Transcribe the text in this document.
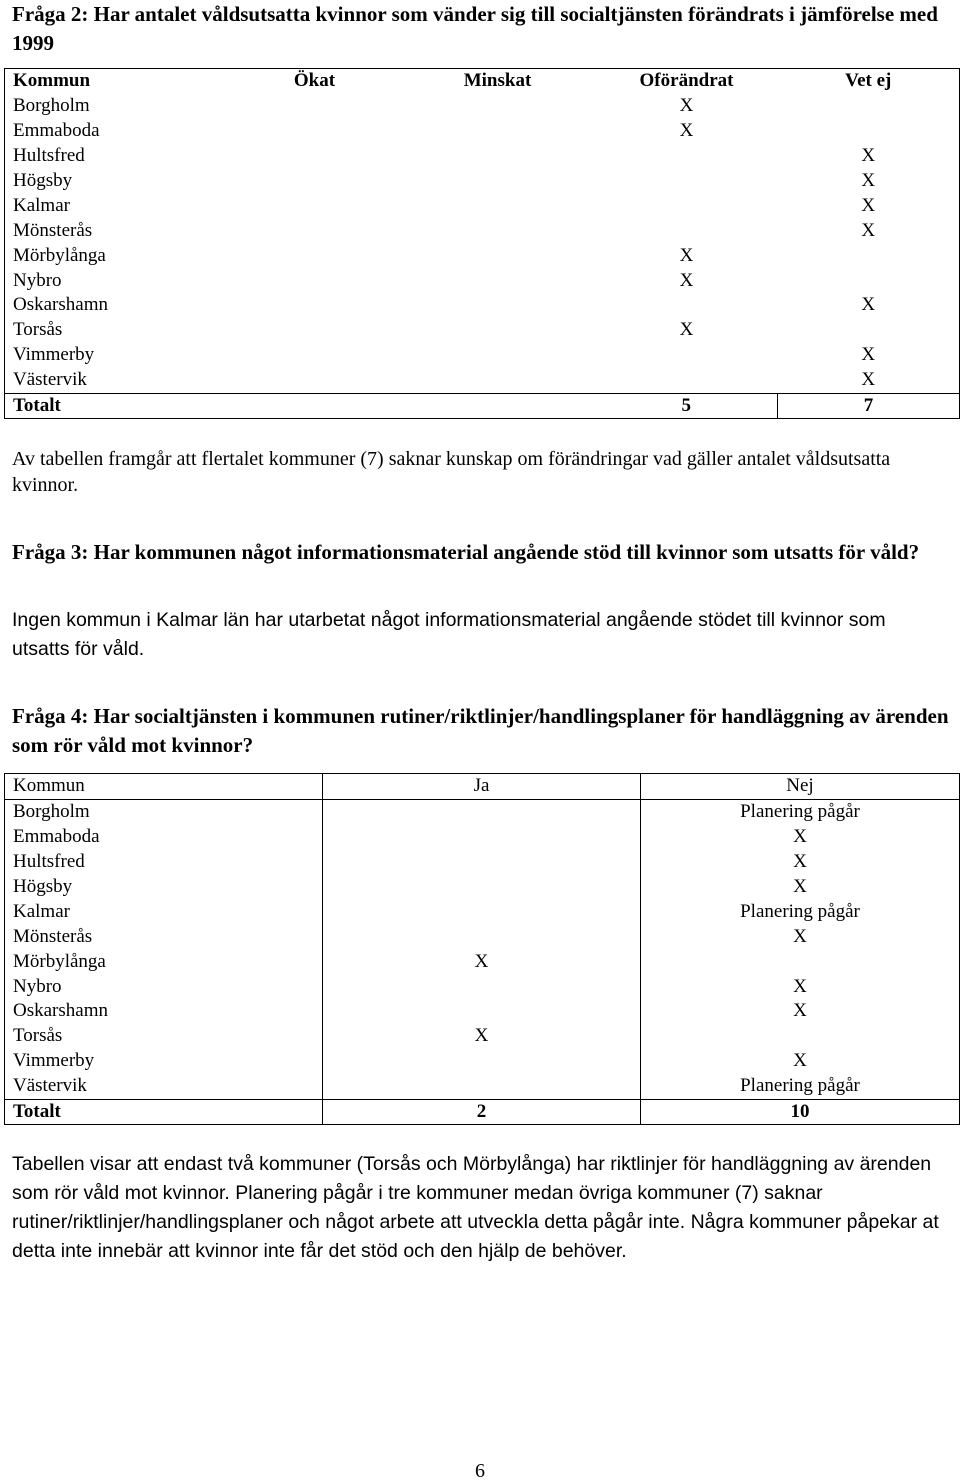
Fråga 2: Har antalet våldsutsatta kvinnor som vänder sig till socialtjänsten förändrats i jämförelse med 1999
Kommun	Ökat	Minskat	Oförändrat	Vet ej
Borgholm			X	
Emmaboda			X	
Hultsfred				X
Högsby				X
Kalmar				X
Mönsterås				X
Mörbylånga			X	
Nybro			X	
Oskarshamn				X
Torsås			X	
Vimmerby				X
Västervik				X
Totalt			5	7

Av tabellen framgår att flertalet kommuner (7) saknar kunskap om förändringar vad gäller antalet våldsutsatta kvinnor.

Fråga 3: Har kommunen något informationsmaterial angående stöd till kvinnor som utsatts för våld?

Ingen kommun i Kalmar län har utarbetat något informationsmaterial angående stödet till kvinnor som utsatts för våld.

Fråga 4: Har socialtjänsten i kommunen rutiner/riktlinjer/handlingsplaner för handläggning av ärenden som rör våld mot kvinnor?
Kommun	Ja	Nej
Borgholm		Planering pågår
Emmaboda		X
Hultsfred		X
Högsby		X
Kalmar		Planering pågår
Mönsterås		X
Mörbylånga	X	
Nybro		X
Oskarshamn		X
Torsås	X	
Vimmerby		X
Västervik		Planering pågår
Totalt	2	10

Tabellen visar att endast två kommuner (Torsås och Mörbylånga) har riktlinjer för handläggning av ärenden som rör våld mot kvinnor. Planering pågår i tre kommuner medan övriga kommuner (7) saknar rutiner/riktlinjer/handlingsplaner och något arbete att utveckla detta pågår inte. Några kommuner påpekar at detta inte innebär att kvinnor inte får det stöd och den hjälp de behöver.

6
